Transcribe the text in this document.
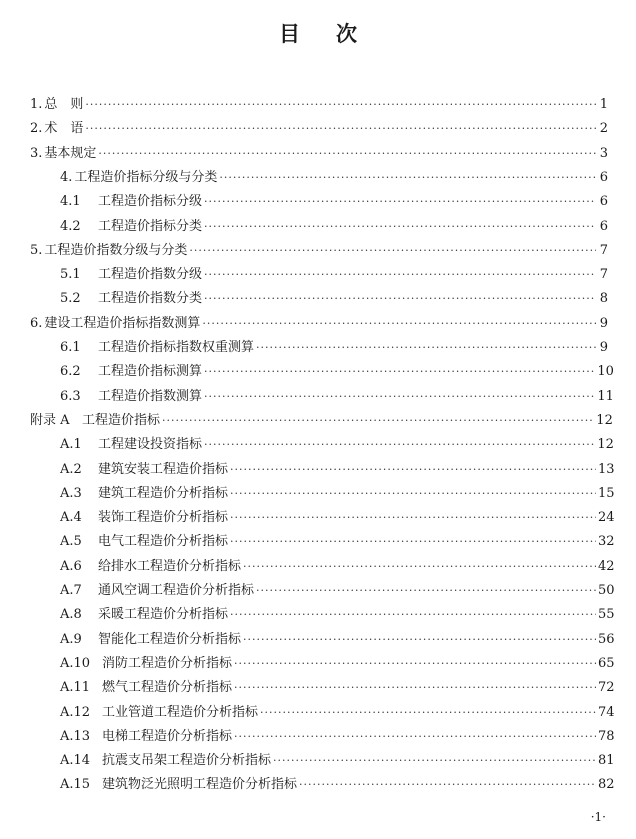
目 次
1. 总　则 ·····	1
2. 术　语 ·····	2
3. 基本规定 ·····	3
4. 工程造价指标分级与分类 ·····	6
4.1	工程造价指标分级 ·····	6
4.2	工程造价指标分类 ·····	6
5. 工程造价指数分级与分类 ·····	7
5.1	工程造价指数分级 ·····	7
5.2	工程造价指数分类 ·····	8
6. 建设工程造价指标指数测算 ·····	9
6.1	工程造价指标指数权重测算 ·····	9
6.2	工程造价指标测算 ·····	10
6.3	工程造价指数测算 ·····	11
附录 A 工程造价指标 ·····	12
A.1	工程建设投资指标 ·····	12
A.2	建筑安装工程造价指标 ·····	13
A.3	建筑工程造价分析指标 ·····	15
A.4	装饰工程造价分析指标 ·····	24
A.5	电气工程造价分析指标 ·····	32
A.6	给排水工程造价分析指标 ·····	42
A.7	通风空调工程造价分析指标 ·····	50
A.8	采暖工程造价分析指标 ·····	55
A.9	智能化工程造价分析指标 ·····	56
A.10 消防工程造价分析指标 ·····	65
A.11 燃气工程造价分析指标 ·····	72
A.12 工业管道工程造价分析指标 ·····	74
A.13 电梯工程造价分析指标 ·····	78
A.14 抗震支吊架工程造价分析指标 ·····	81
A.15 建筑物泛光照明工程造价分析指标 ·····	82
·1·
